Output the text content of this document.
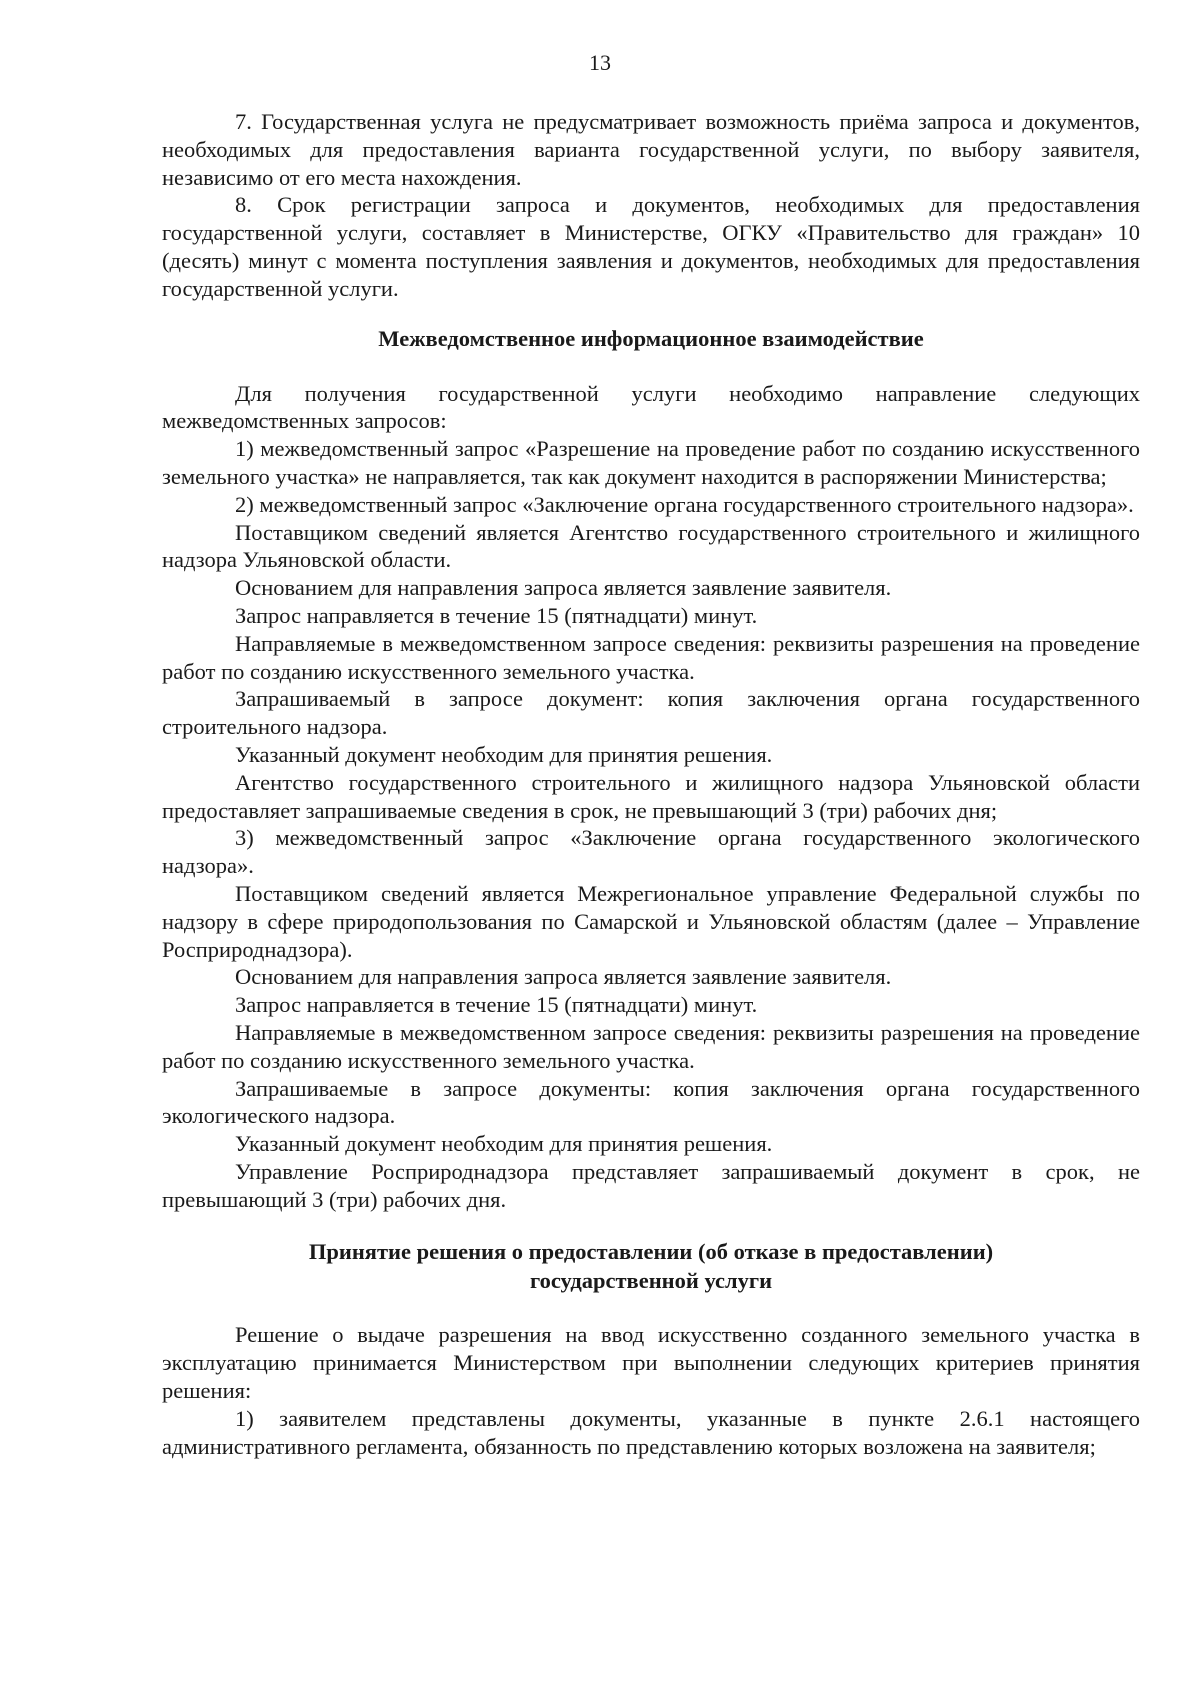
13

7. Государственная услуга не предусматривает возможность приёма запроса и документов, необходимых для предоставления варианта государственной услуги, по выбору заявителя, независимо от его места нахождения.

8. Срок регистрации запроса и документов, необходимых для предоставления государственной услуги, составляет в Министерстве, ОГКУ «Правительство для граждан» 10 (десять) минут с момента поступления заявления и документов, необходимых для предоставления государственной услуги.

Межведомственное информационное взаимодействие

Для получения государственной услуги необходимо направление следующих межведомственных запросов:

1) межведомственный запрос «Разрешение на проведение работ по созданию искусственного земельного участка» не направляется, так как документ находится в распоряжении Министерства;

2) межведомственный запрос «Заключение органа государственного строительного надзора».

Поставщиком сведений является Агентство государственного строительного и жилищного надзора Ульяновской области.

Основанием для направления запроса является заявление заявителя.

Запрос направляется в течение 15 (пятнадцати) минут.

Направляемые в межведомственном запросе сведения: реквизиты разрешения на проведение работ по созданию искусственного земельного участка.

Запрашиваемый в запросе документ: копия заключения органа государственного строительного надзора.

Указанный документ необходим для принятия решения.

Агентство государственного строительного и жилищного надзора Ульяновской области предоставляет запрашиваемые сведения в срок, не превышающий 3 (три) рабочих дня;

3) межведомственный запрос «Заключение органа государственного экологического надзора».

Поставщиком сведений является Межрегиональное управление Федеральной службы по надзору в сфере природопользования по Самарской и Ульяновской областям (далее – Управление Росприроднадзора).

Основанием для направления запроса является заявление заявителя.

Запрос направляется в течение 15 (пятнадцати) минут.

Направляемые в межведомственном запросе сведения: реквизиты разрешения на проведение работ по созданию искусственного земельного участка.

Запрашиваемые в запросе документы: копия заключения органа государственного экологического надзора.

Указанный документ необходим для принятия решения.

Управление Росприроднадзора представляет запрашиваемый документ в срок, не превышающий 3 (три) рабочих дня.

Принятие решения о предоставлении (об отказе в предоставлении)
государственной услуги

Решение о выдаче разрешения на ввод искусственно созданного земельного участка в эксплуатацию принимается Министерством при выполнении следующих критериев принятия решения:

1) заявителем представлены документы, указанные в пункте 2.6.1 настоящего административного регламента, обязанность по представлению которых возложена на заявителя;
